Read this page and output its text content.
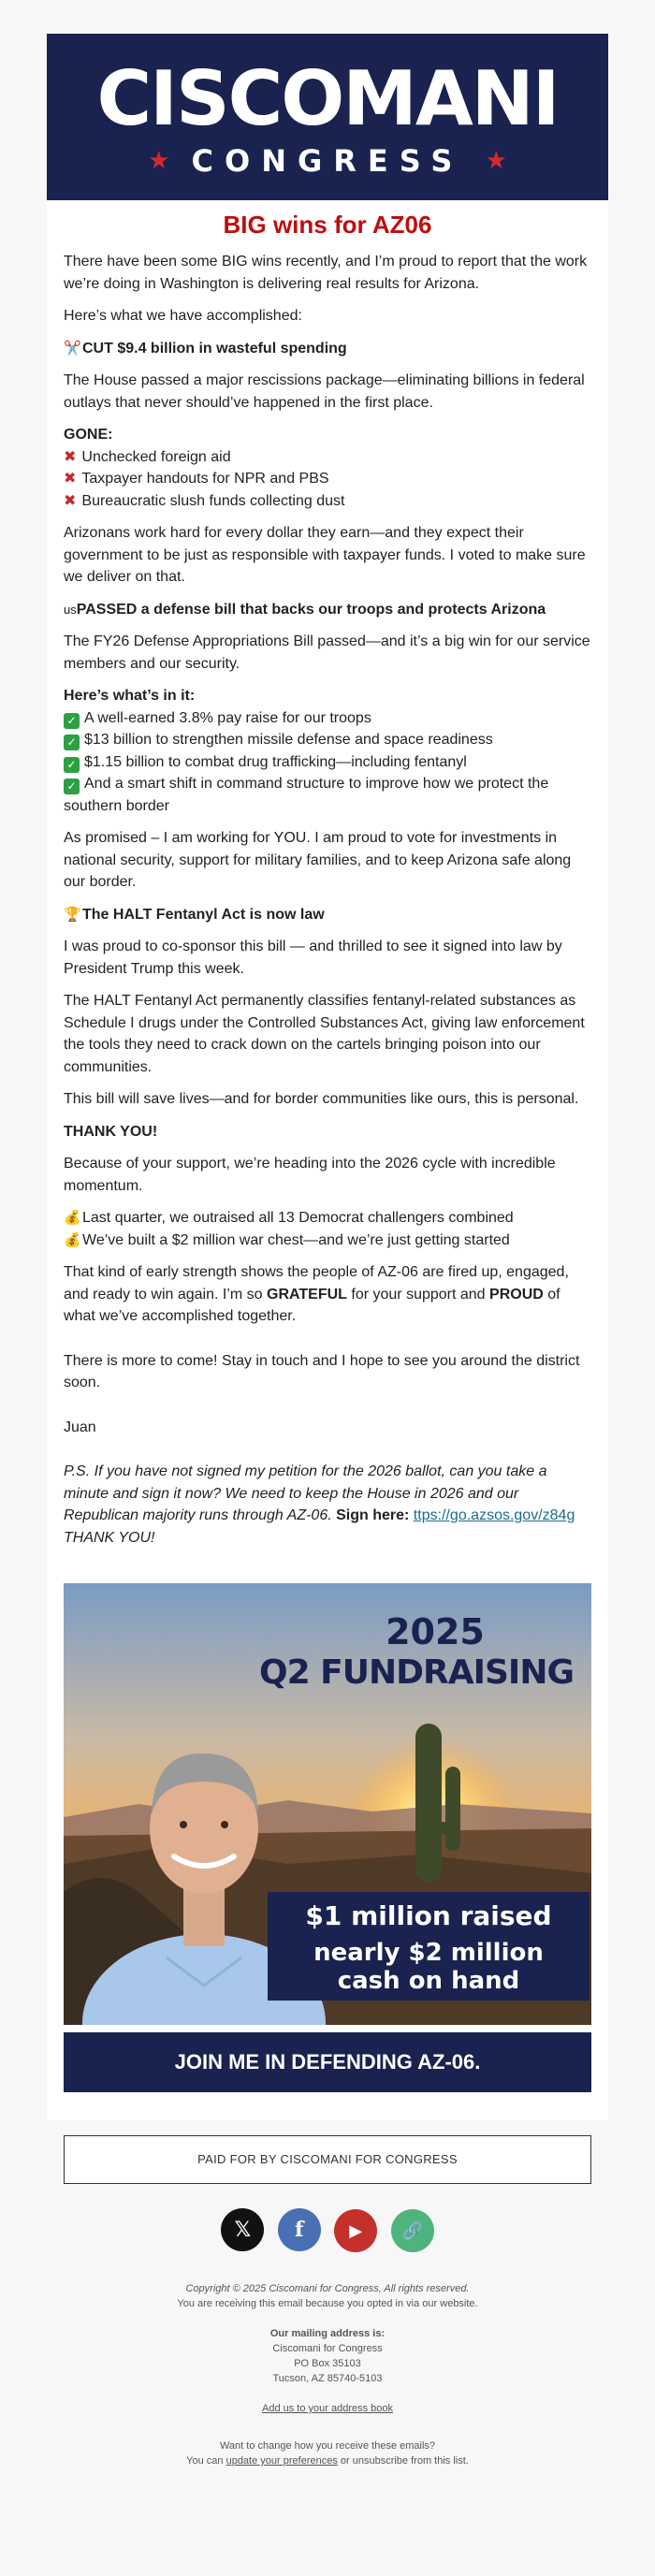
CISCOMANI
★ CONGRESS ★
BIG wins for AZ06

There have been some BIG wins recently, and I’m proud to report that the work we’re doing in Washington is delivering real results for Arizona.

Here’s what we have accomplished:

✂️CUT $9.4 billion in wasteful spending

The House passed a major rescissions package—eliminating billions in federal outlays that never should’ve happened in the first place.

GONE:
✖ Unchecked foreign aid
✖ Taxpayer handouts for NPR and PBS
✖ Bureaucratic slush funds collecting dust

Arizonans work hard for every dollar they earn—and they expect their government to be just as responsible with taxpayer funds. I voted to make sure we deliver on that.

usPASSED a defense bill that backs our troops and protects Arizona

The FY26 Defense Appropriations Bill passed—and it’s a big win for our service members and our security.

Here’s what’s in it:
✓ A well-earned 3.8% pay raise for our troops
✓ $13 billion to strengthen missile defense and space readiness
✓ $1.15 billion to combat drug trafficking—including fentanyl
✓ And a smart shift in command structure to improve how we protect the southern border

As promised – I am working for YOU. I am proud to vote for investments in national security, support for military families, and to keep Arizona safe along our border.

🏆The HALT Fentanyl Act is now law

I was proud to co-sponsor this bill — and thrilled to see it signed into law by President Trump this week.

The HALT Fentanyl Act permanently classifies fentanyl-related substances as Schedule I drugs under the Controlled Substances Act, giving law enforcement the tools they need to crack down on the cartels bringing poison into our communities.

This bill will save lives—and for border communities like ours, this is personal.

THANK YOU!

Because of your support, we’re heading into the 2026 cycle with incredible momentum.

💰Last quarter, we outraised all 13 Democrat challengers combined
💰We’ve built a $2 million war chest—and we’re just getting started

That kind of early strength shows the people of AZ-06 are fired up, engaged, and ready to win again. I’m so GRATEFUL for your support and PROUD of what we’ve accomplished together.

There is more to come! Stay in touch and I hope to see you around the district soon.

Juan

P.S. If you have not signed my petition for the 2026 ballot, can you take a minute and sign it now? We need to keep the House in 2026 and our Republican majority runs through AZ-06. Sign here: ttps://go.azsos.gov/z84g THANK YOU!

2025
Q2 FUNDRAISING
$1 million raised
nearly $2 million
cash on hand
JOIN ME IN DEFENDING AZ-06.
PAID FOR BY CISCOMANI FOR CONGRESS
𝕏 f	▶ 🔗
Copyright © 2025 Ciscomani for Congress, All rights reserved.
You are receiving this email because you opted in via our website.
Our mailing address is:
Ciscomani for Congress
PO Box 35103
Tucson, AZ 85740-5103
Add us to your address book
Want to change how you receive these emails?
You can update your preferences or unsubscribe from this list.
